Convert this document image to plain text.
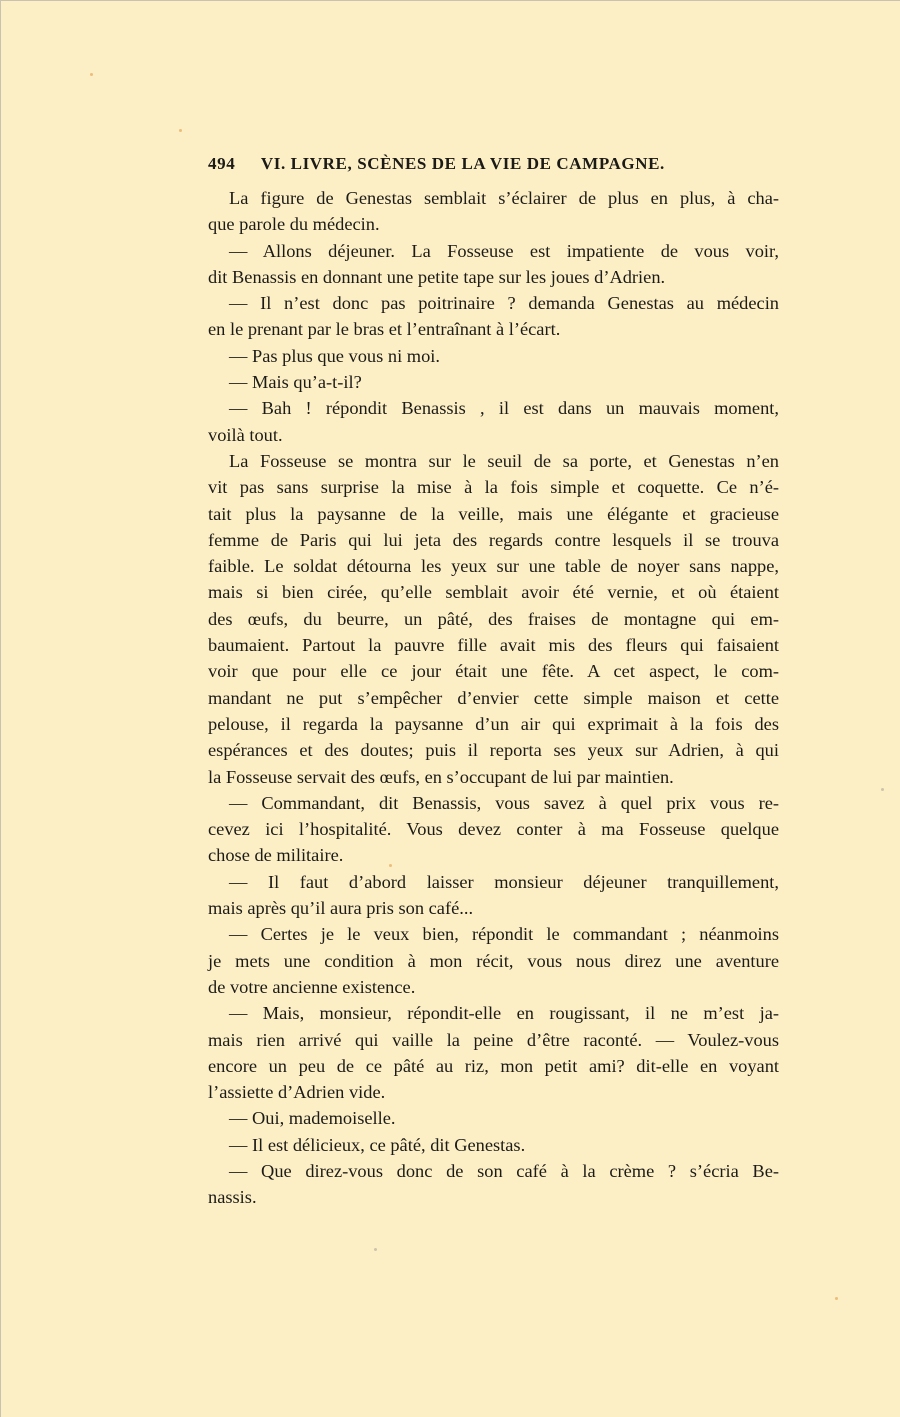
494 VI. LIVRE, SCÈNES DE LA VIE DE CAMPAGNE.
La figure de Genestas semblait s’éclairer de plus en plus, à cha-
que parole du médecin.
— Allons déjeuner. La Fosseuse est impatiente de vous voir,
dit Benassis en donnant une petite tape sur les joues d’Adrien.
— Il n’est donc pas poitrinaire ? demanda Genestas au médecin
en le prenant par le bras et l’entraînant à l’écart.
— Pas plus que vous ni moi.
— Mais qu’a-t-il?
— Bah ! répondit Benassis , il est dans un mauvais moment,
voilà tout.
La Fosseuse se montra sur le seuil de sa porte, et Genestas n’en
vit pas sans surprise la mise à la fois simple et coquette. Ce n’é-
tait plus la paysanne de la veille, mais une élégante et gracieuse
femme de Paris qui lui jeta des regards contre lesquels il se trouva
faible. Le soldat détourna les yeux sur une table de noyer sans nappe,
mais si bien cirée, qu’elle semblait avoir été vernie, et où étaient
des œufs, du beurre, un pâté, des fraises de montagne qui em-
baumaient. Partout la pauvre fille avait mis des fleurs qui faisaient
voir que pour elle ce jour était une fête. A cet aspect, le com-
mandant ne put s’empêcher d’envier cette simple maison et cette
pelouse, il regarda la paysanne d’un air qui exprimait à la fois des
espérances et des doutes; puis il reporta ses yeux sur Adrien, à qui
la Fosseuse servait des œufs, en s’occupant de lui par maintien.
— Commandant, dit Benassis, vous savez à quel prix vous re-
cevez ici l’hospitalité. Vous devez conter à ma Fosseuse quelque
chose de militaire.
— Il faut d’abord laisser monsieur déjeuner tranquillement,
mais après qu’il aura pris son café...
— Certes je le veux bien, répondit le commandant ; néanmoins
je mets une condition à mon récit, vous nous direz une aventure
de votre ancienne existence.
— Mais, monsieur, répondit-elle en rougissant, il ne m’est ja-
mais rien arrivé qui vaille la peine d’être raconté. — Voulez-vous
encore un peu de ce pâté au riz, mon petit ami? dit-elle en voyant
l’assiette d’Adrien vide.
— Oui, mademoiselle.
— Il est délicieux, ce pâté, dit Genestas.
— Que direz-vous donc de son café à la crème ? s’écria Be-
nassis.
